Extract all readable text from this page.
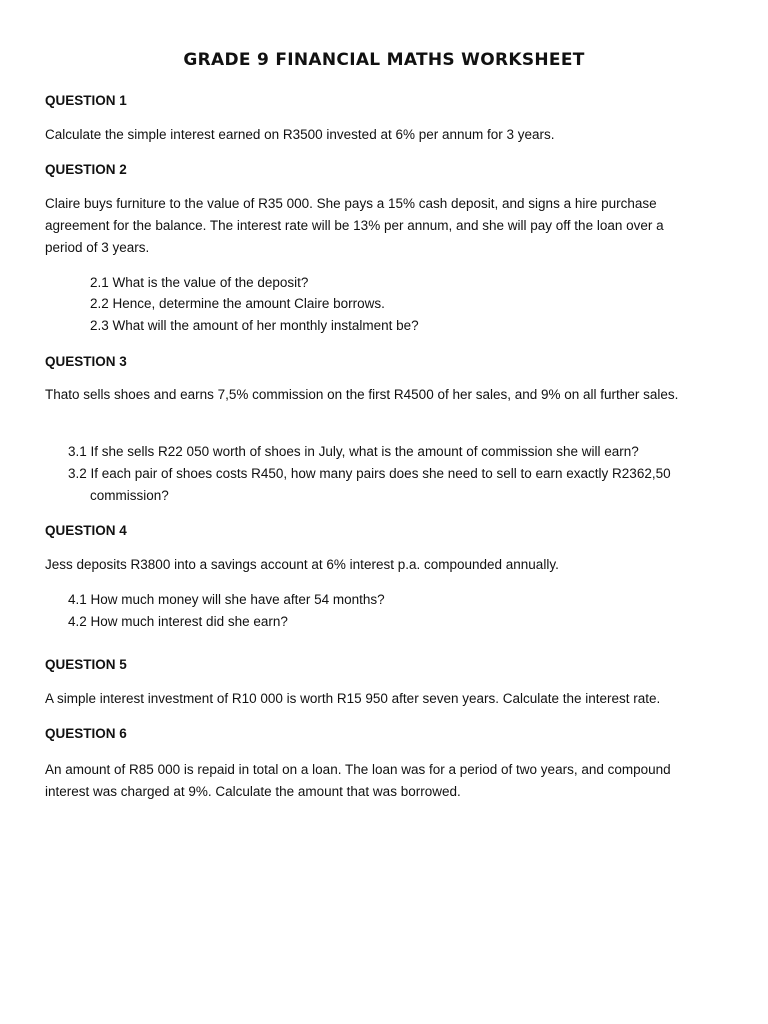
GRADE 9 FINANCIAL MATHS WORKSHEET

QUESTION 1

Calculate the simple interest earned on R3500 invested at 6% per annum for 3 years.

QUESTION 2

Claire buys furniture to the value of R35 000. She pays a 15% cash deposit, and signs a hire purchase

agreement for the balance. The interest rate will be 13% per annum, and she will pay off the loan over a

period of 3 years.

2.1 What is the value of the deposit?

2.2 Hence, determine the amount Claire borrows.

2.3 What will the amount of her monthly instalment be?

QUESTION 3

Thato sells shoes and earns 7,5% commission on the first R4500 of her sales, and 9% on all further sales.

3.1 If she sells R22 050 worth of shoes in July, what is the amount of commission she will earn?

3.2 If each pair of shoes costs R450, how many pairs does she need to sell to earn exactly R2362,50

commission?

QUESTION 4

Jess deposits R3800 into a savings account at 6% interest p.a. compounded annually.

4.1 How much money will she have after 54 months?

4.2 How much interest did she earn?

QUESTION 5

A simple interest investment of R10 000 is worth R15 950 after seven years. Calculate the interest rate.

QUESTION 6

An amount of R85 000 is repaid in total on a loan. The loan was for a period of two years, and compound

interest was charged at 9%. Calculate the amount that was borrowed.
